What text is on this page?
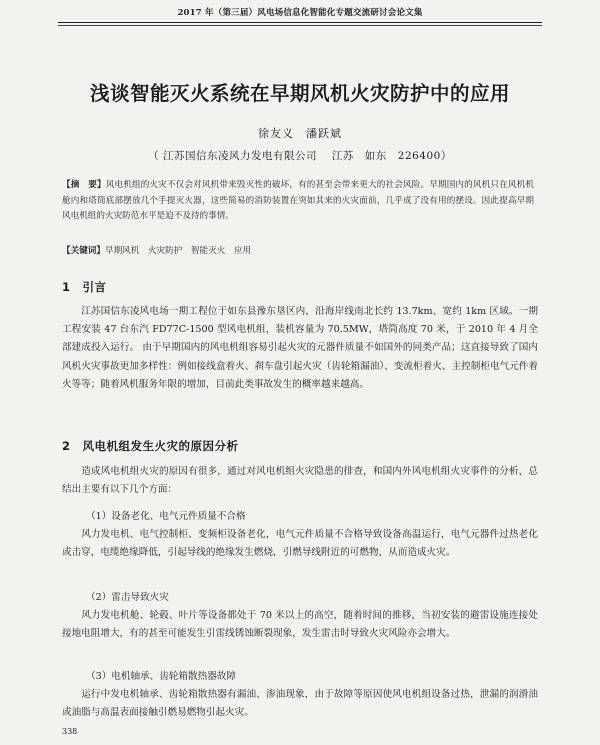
2017 年（第三届）风电场信息化智能化专题交流研讨会论文集
浅谈智能灭火系统在早期风机火灾防护中的应用
徐友义　潘跃斌
（ 江苏国信东凌风力发电有限公司　 江苏　如东　226400）
【摘　要】风电机组的火灾不仅会对风机带来毁灭性的破坏，有的甚至会带来更大的社会风险。早期国内的风机只在风机机舱内和塔筒底部摆放几个手提灭火器，这些简易的消防装置在突如其来的火灾面前，几乎成了没有用的摆设。因此提高早期风电机组的火灾防范水平是迫不及待的事情。
【关键词】早期风机　火灾防护　智能灭火　应用
1　引言
江苏国信东凌风电场一期工程位于如东县豫东垦区内，沿海岸线南北长约 13.7km、宽约 1km 区域。一期工程安装 47 台东汽 FD77C-1500 型风电机组，装机容量为 70.5MW，塔筒高度 70 米，于 2010 年 4 月全部建成投入运行。 由于早期国内的风电机组容易引起火灾的元器件质量不如国外的同类产品；这直接导致了国内风机火灾事故更加多样性：例如接线盒着火、刹车盘引起火灾（齿轮箱漏油）、变流柜着火、主控制柜电气元件着火等等；随着风机服务年限的增加，目前此类事故发生的概率越来越高。
2　风电机组发生火灾的原因分析
造成风电机组火灾的原因有很多，通过对风电机组火灾隐患的排查，和国内外风电机组火灾事件的分析，总结出主要有以下几个方面：
（1）设备老化、电气元件质量不合格
风力发电机、电气控制柜、变频柜设备老化，电气元件质量不合格导致设备高温运行，电气元器件过热老化或击穿，电缆绝缘降低，引起导线的绝缘发生燃烧，引燃导线附近的可燃物，从而造成火灾。
（2）雷击导致火灾
风力发电机舱、轮毂、叶片等设备都处于 70 米以上的高空，随着时间的推移，当初安装的避雷设施连接处接地电阻增大，有的甚至可能发生引雷线锈蚀断裂现象，发生雷击时导致火灾风险亦会增大。
（3）电机轴承、齿轮箱散热器故障
运行中发电机轴承、齿轮箱散热器有漏油、渗油现象，由于故障等原因使风电机组设备过热，泄漏的润滑油或油脂与高温表面接触引燃易燃物引起火灾。
338
